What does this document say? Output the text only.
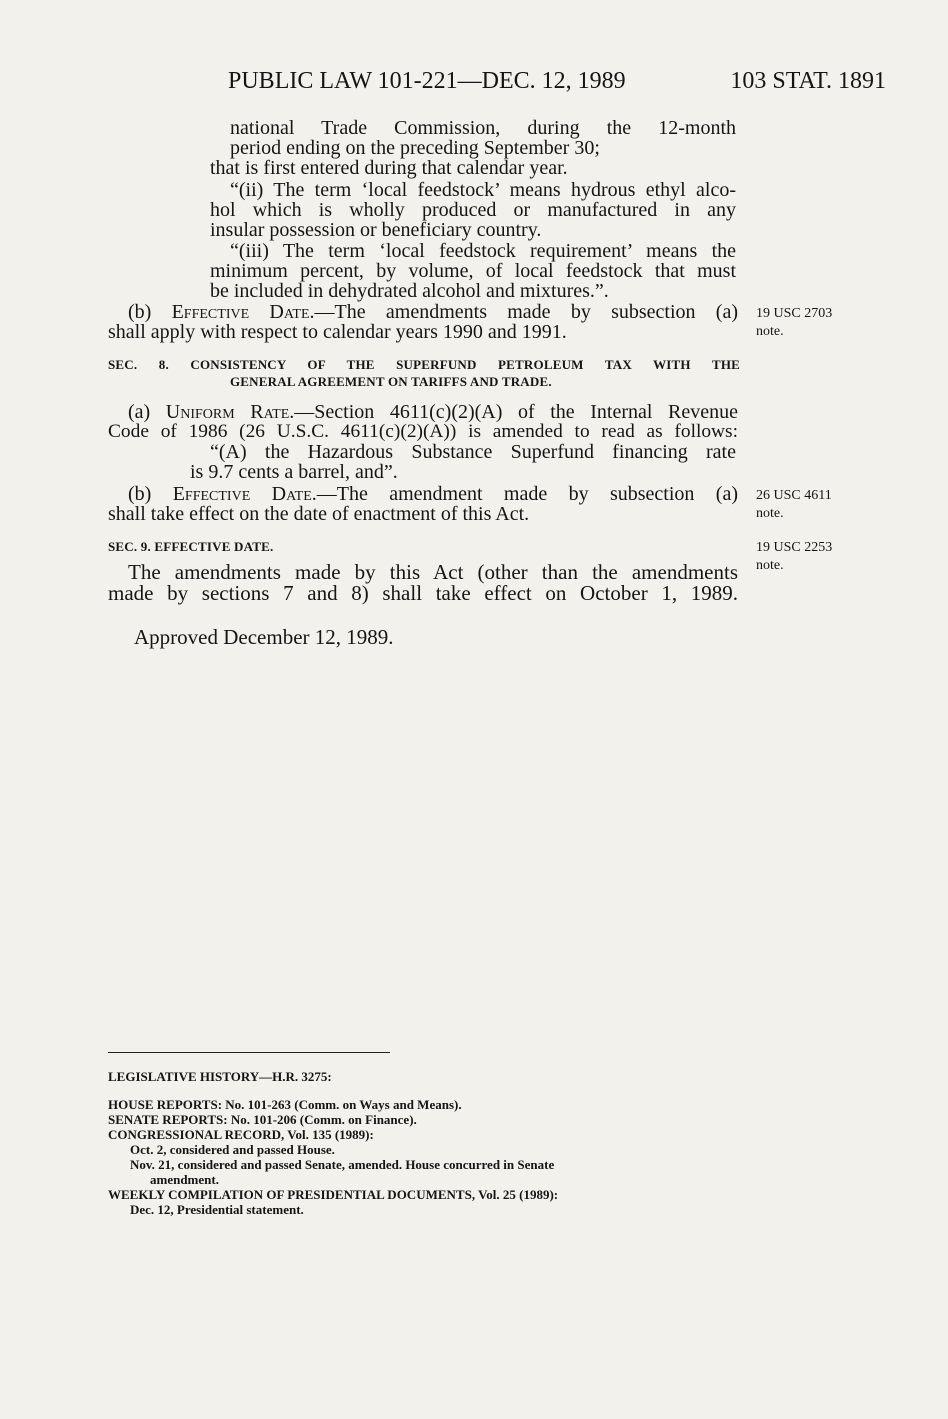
PUBLIC LAW 101-221—DEC. 12, 1989	103 STAT. 1891

national Trade Commission, during the 12-month

period ending on the preceding September 30;

that is first entered during that calendar year.

“(ii) The term ‘local feedstock’ means hydrous ethyl alco-

hol which is wholly produced or manufactured in any

insular possession or beneficiary country.

“(iii) The term ‘local feedstock requirement’ means the

minimum percent, by volume, of local feedstock that must

be included in dehydrated alcohol and mixtures.”.

(b) Effective Date.—The amendments made by subsection (a)

shall apply with respect to calendar years 1990 and 1991.

19 USC 2703
note.
SEC. 8. CONSISTENCY OF THE SUPERFUND PETROLEUM TAX WITH THE
GENERAL AGREEMENT ON TARIFFS AND TRADE.

(a) Uniform Rate.—Section 4611(c)(2)(A) of the Internal Revenue

Code of 1986 (26 U.S.C. 4611(c)(2)(A)) is amended to read as follows:

“(A) the Hazardous Substance Superfund financing rate

is 9.7 cents a barrel, and”.

(b) Effective Date.—The amendment made by subsection (a)

shall take effect on the date of enactment of this Act.

26 USC 4611
note.
SEC. 9. EFFECTIVE DATE.	19 USC 2253
note.

The amendments made by this Act (other than the amendments

made by sections 7 and 8) shall take effect on October 1, 1989.

Approved December 12, 1989.

LEGISLATIVE HISTORY—H.R. 3275:
HOUSE REPORTS: No. 101-263 (Comm. on Ways and Means).
SENATE REPORTS: No. 101-206 (Comm. on Finance).
CONGRESSIONAL RECORD, Vol. 135 (1989):
Oct. 2, considered and passed House.
Nov. 21, considered and passed Senate, amended. House concurred in Senate
amendment.
WEEKLY COMPILATION OF PRESIDENTIAL DOCUMENTS, Vol. 25 (1989):
Dec. 12, Presidential statement.
